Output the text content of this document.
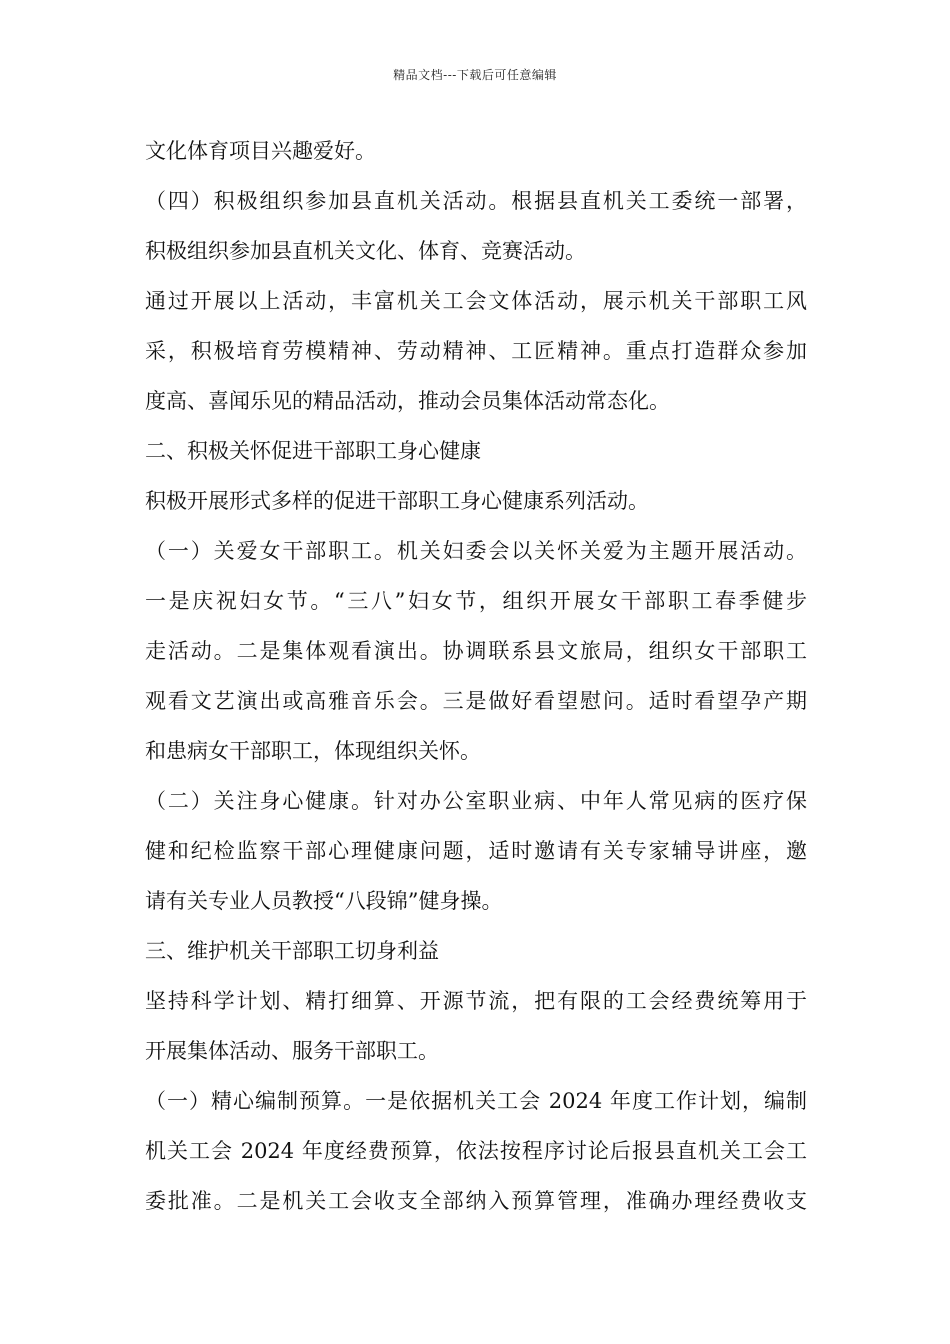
精品文档---下载后可任意编辑
文化体育项目兴趣爱好。
（四）积极组织参加县直机关活动。根据县直机关工委统一部署，
积极组织参加县直机关文化、体育、竞赛活动。
通过开展以上活动，丰富机关工会文体活动，展示机关干部职工风
采，积极培育劳模精神、劳动精神、工匠精神。重点打造群众参加
度高、喜闻乐见的精品活动，推动会员集体活动常态化。
二、积极关怀促进干部职工身心健康
积极开展形式多样的促进干部职工身心健康系列活动。
（一）关爱女干部职工。机关妇委会以关怀关爱为主题开展活动。
一是庆祝妇女节。“三八”妇女节，组织开展女干部职工春季健步
走活动。二是集体观看演出。协调联系县文旅局，组织女干部职工
观看文艺演出或高雅音乐会。三是做好看望慰问。适时看望孕产期
和患病女干部职工，体现组织关怀。
（二）关注身心健康。针对办公室职业病、中年人常见病的医疗保
健和纪检监察干部心理健康问题，适时邀请有关专家辅导讲座，邀
请有关专业人员教授“八段锦”健身操。
三、维护机关干部职工切身利益
坚持科学计划、精打细算、开源节流，把有限的工会经费统筹用于
开展集体活动、服务干部职工。
（一）精心编制预算。一是依据机关工会 2024 年度工作计划，编制
机关工会 2024 年度经费预算，依法按程序讨论后报县直机关工会工
委批准。二是机关工会收支全部纳入预算管理，准确办理经费收支
